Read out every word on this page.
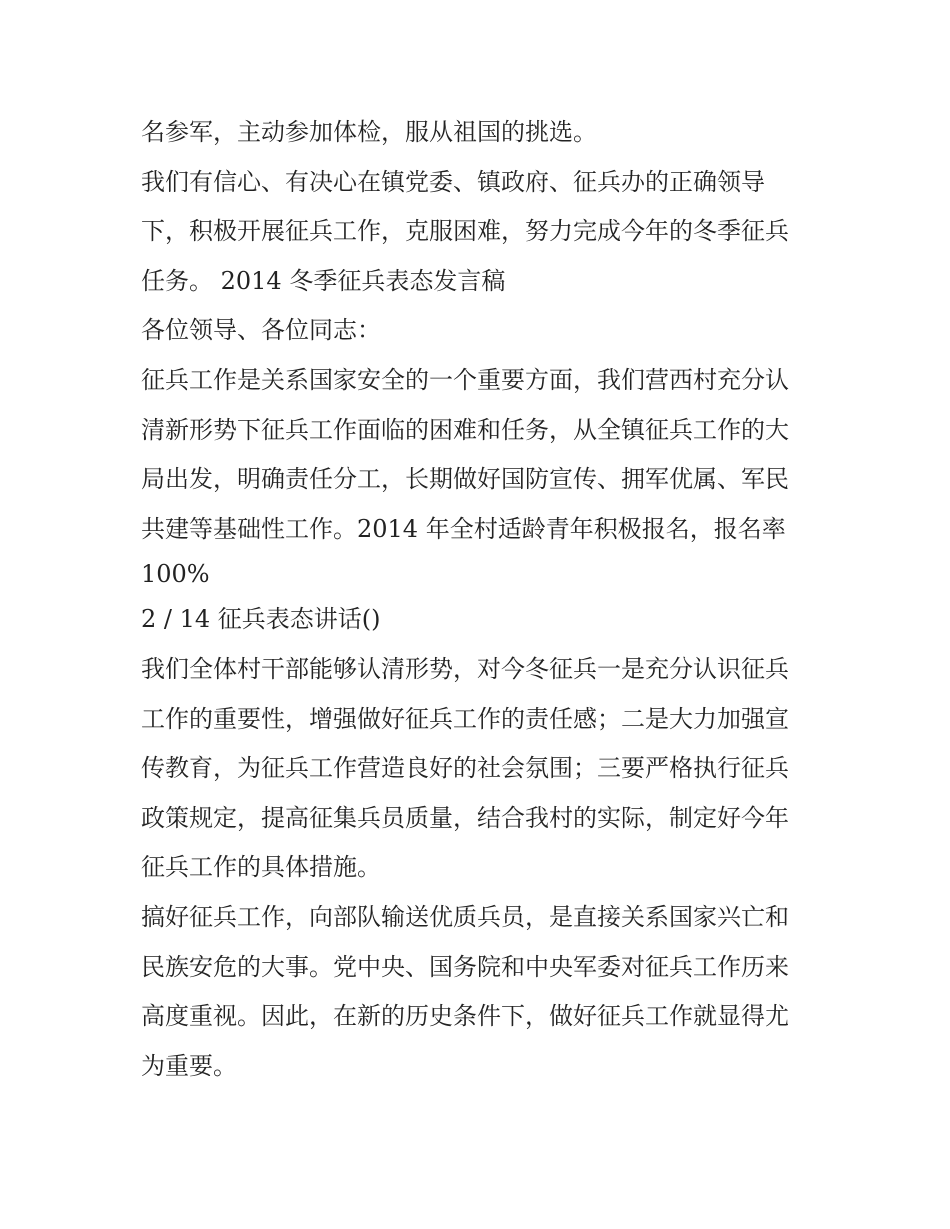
名参军，主动参加体检，服从祖国的挑选。

我们有信心、有决心在镇党委、镇政府、征兵办的正确领导
下，积极开展征兵工作，克服困难，努力完成今年的冬季征兵
任务。 2014 冬季征兵表态发言稿

各位领导、各位同志：

征兵工作是关系国家安全的一个重要方面，我们营西村充分认
清新形势下征兵工作面临的困难和任务，从全镇征兵工作的大
局出发，明确责任分工，长期做好国防宣传、拥军优属、军民
共建等基础性工作。2014 年全村适龄青年积极报名，报名率
100%

2 / 14 征兵表态讲话()

我们全体村干部能够认清形势，对今冬征兵一是充分认识征兵
工作的重要性，增强做好征兵工作的责任感；二是大力加强宣
传教育，为征兵工作营造良好的社会氛围；三要严格执行征兵
政策规定，提高征集兵员质量，结合我村的实际，制定好今年
征兵工作的具体措施。

搞好征兵工作，向部队输送优质兵员，是直接关系国家兴亡和
民族安危的大事。党中央、国务院和中央军委对征兵工作历来
高度重视。因此，在新的历史条件下，做好征兵工作就显得尤
为重要。
